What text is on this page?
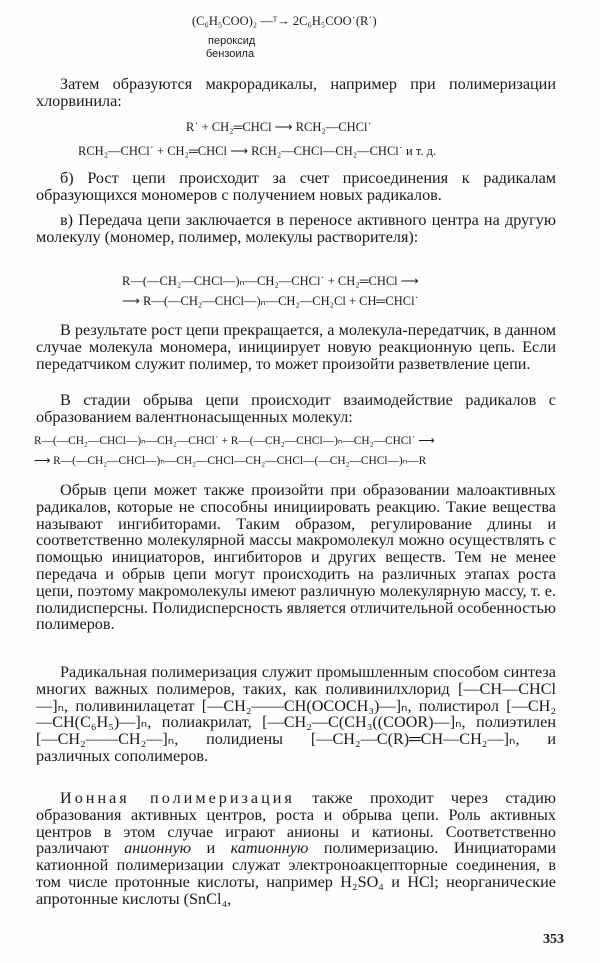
(C₆H₅COO)₂ —ᵀ→ 2C₆H₅COO˙(R˙)
пероксид
бензоила

Затем образуются макрорадикалы, например при полимеризации хлорвинила:

R˙ + CH₂═CHCl ⟶ RCH₂—CHCl˙
RCH₂—CHCl˙ + CH₂═CHCl ⟶ RCH₂—CHCl—CH₂—CHCl˙ и т. д.

б) Рост цепи происходит за счет присоединения к радикалам образующихся мономеров с получением новых радикалов.

в) Передача цепи заключается в переносе активного центра на другую молекулу (мономер, полимер, молекулы растворителя):

R—(—CH₂—CHCl—)ₙ—CH₂—CHCl˙ + CH₂═CHCl ⟶
⟶ R—(—CH₂—CHCl—)ₙ—CH₂—CH₂Cl + CH═CHCl˙

В результате рост цепи прекращается, а молекула-передатчик, в данном случае молекула мономера, инициирует новую реакционную цепь. Если передатчиком служит полимер, то может произойти разветвление цепи.

В стадии обрыва цепи происходит взаимодействие радикалов с образованием валентнонасыщенных молекул:

R—(—CH₂—CHCl—)ₙ—CH₂—CHCl˙ + R—(—CH₂—CHCl—)ₙ—CH₂—CHCl˙ ⟶
⟶ R—(—CH₂—CHCl—)ₙ—CH₂—CHCl—CH₂—CHCl—(—CH₂—CHCl—)ₙ—R

Обрыв цепи может также произойти при образовании малоактивных радикалов, которые не способны инициировать реакцию. Такие вещества называют ингибиторами. Таким образом, регулирование длины и соответственно молекулярной массы макромолекул можно осуществлять с помощью инициаторов, ингибиторов и других веществ. Тем не менее передача и обрыв цепи могут происходить на различных этапах роста цепи, поэтому макромолекулы имеют различную молекулярную массу, т. е. полидисперсны. Полидисперсность является отличительной особенностью полимеров.

Радикальная полимеризация служит промышленным способом синтеза многих важных полимеров, таких, как поливинилхлорид [—CH—CHCl—]ₙ, поливинилацетат [—CH₂——CH(OCOCH₃)—]ₙ, полистирол [—CH₂—CH(C₆H₅)—]ₙ, полиакрилат, [—CH₂—C(CH₃((COOR)—]ₙ, полиэтилен [—CH₂——CH₂—]ₙ, полидиены [—CH₂—C(R)═CH—CH₂—]ₙ, и различных сополимеров.

Ионная полимеризация также проходит через стадию образования активных центров, роста и обрыва цепи. Роль активных центров в этом случае играют анионы и катионы. Соответственно различают анионную и катионную полимеризацию. Инициаторами катионной полимеризации служат электроноакцепторные соединения, в том числе протонные кислоты, например H₂SO₄ и HCl; неорганические апротонные кислоты (SnCl₄,

353
